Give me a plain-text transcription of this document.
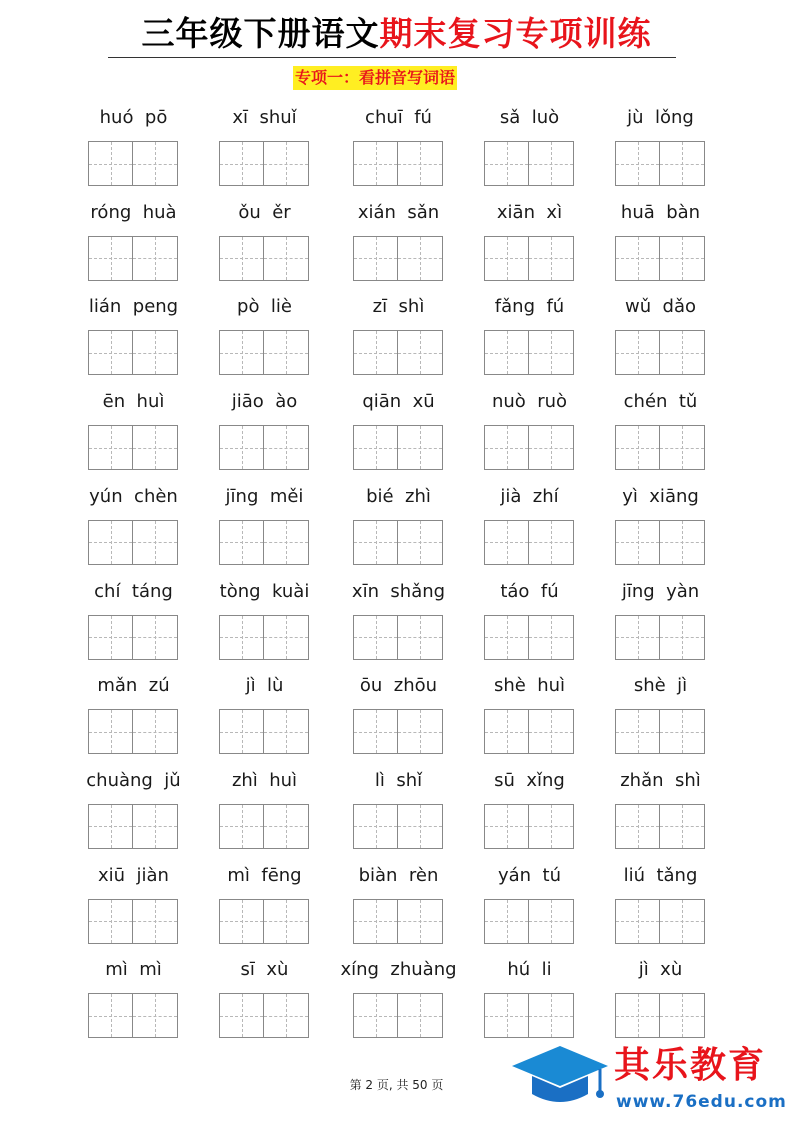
三年级下册语文期末复习专项训练
专项一：看拼音写词语
huó  pō	xī  shuǐ	chuī  fú	sǎ  luò	jù  lǒng
róng  huà	ǒu  ěr	xián  sǎn	xiān  xì	huā  bàn
lián  peng	pò  liè	zī  shì	fǎng  fú	wǔ  dǎo
ēn  huì	jiāo  ào	qiān  xū	nuò  ruò	chén  tǔ
yún  chèn	jīng  měi	bié  zhì	jià  zhí	yì  xiāng
chí  táng	tòng  kuài	xīn  shǎng	táo  fú	jīng  yàn
mǎn  zú	jì  lù	ōu  zhōu	shè  huì	shè  jì
chuàng  jǔ	zhì  huì	lì  shǐ	sū  xǐng	zhǎn  shì
xiū  jiàn	mì  fēng	biàn  rèn	yán  tú	liú  tǎng
mì  mì	sī  xù	xíng  zhuàng	hú  li	jì  xù
第 2 页, 共 50 页	其乐教育
www.76edu.com
